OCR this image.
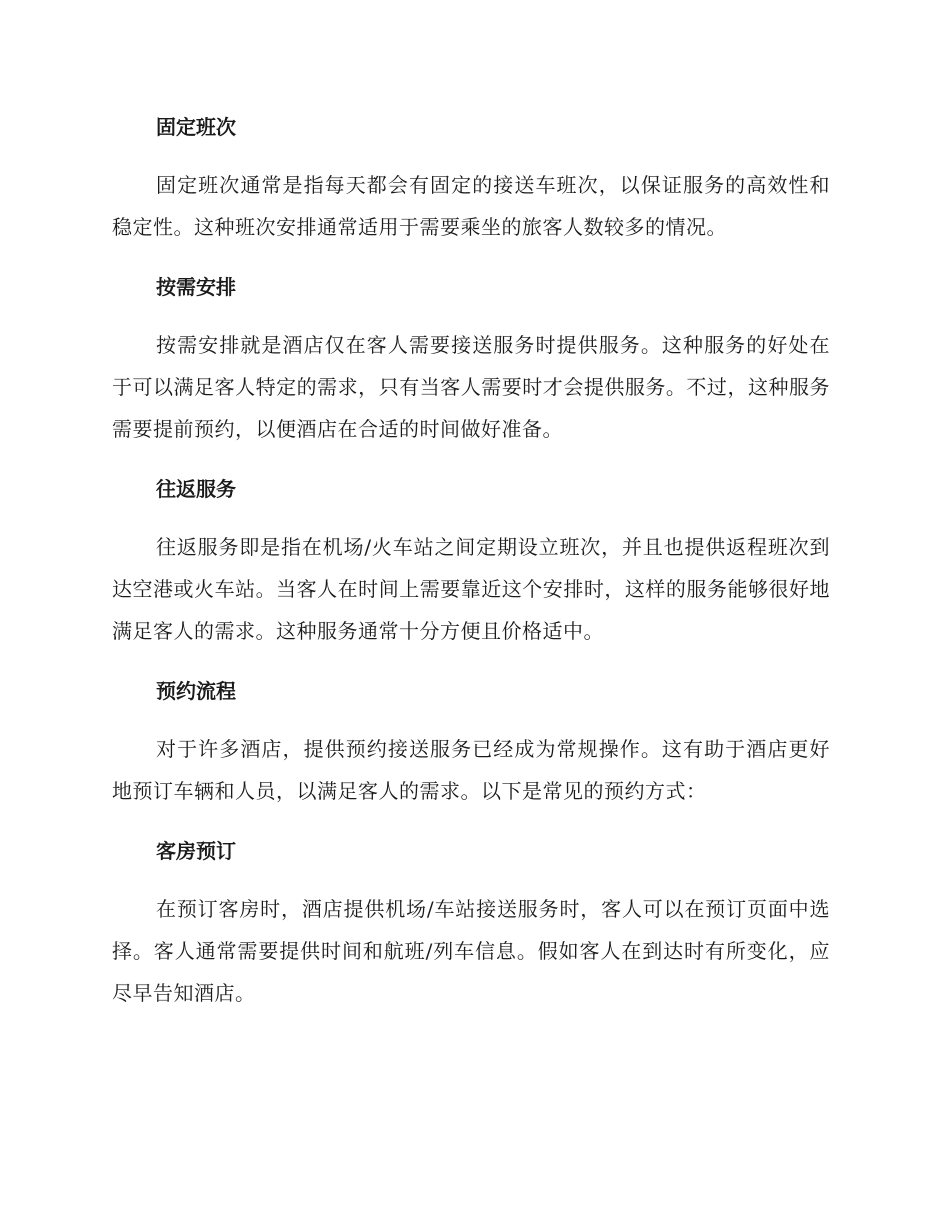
固定班次

固定班次通常是指每天都会有固定的接送车班次，以保证服务的高效性和稳定性。这种班次安排通常适用于需要乘坐的旅客人数较多的情况。

按需安排

按需安排就是酒店仅在客人需要接送服务时提供服务。这种服务的好处在于可以满足客人特定的需求，只有当客人需要时才会提供服务。不过，这种服务需要提前预约，以便酒店在合适的时间做好准备。

往返服务

往返服务即是指在机场/火车站之间定期设立班次，并且也提供返程班次到达空港或火车站。当客人在时间上需要靠近这个安排时，这样的服务能够很好地满足客人的需求。这种服务通常十分方便且价格适中。

预约流程

对于许多酒店，提供预约接送服务已经成为常规操作。这有助于酒店更好地预订车辆和人员，以满足客人的需求。以下是常见的预约方式：

客房预订

在预订客房时，酒店提供机场/车站接送服务时，客人可以在预订页面中选择。客人通常需要提供时间和航班/列车信息。假如客人在到达时有所变化，应尽早告知酒店。
